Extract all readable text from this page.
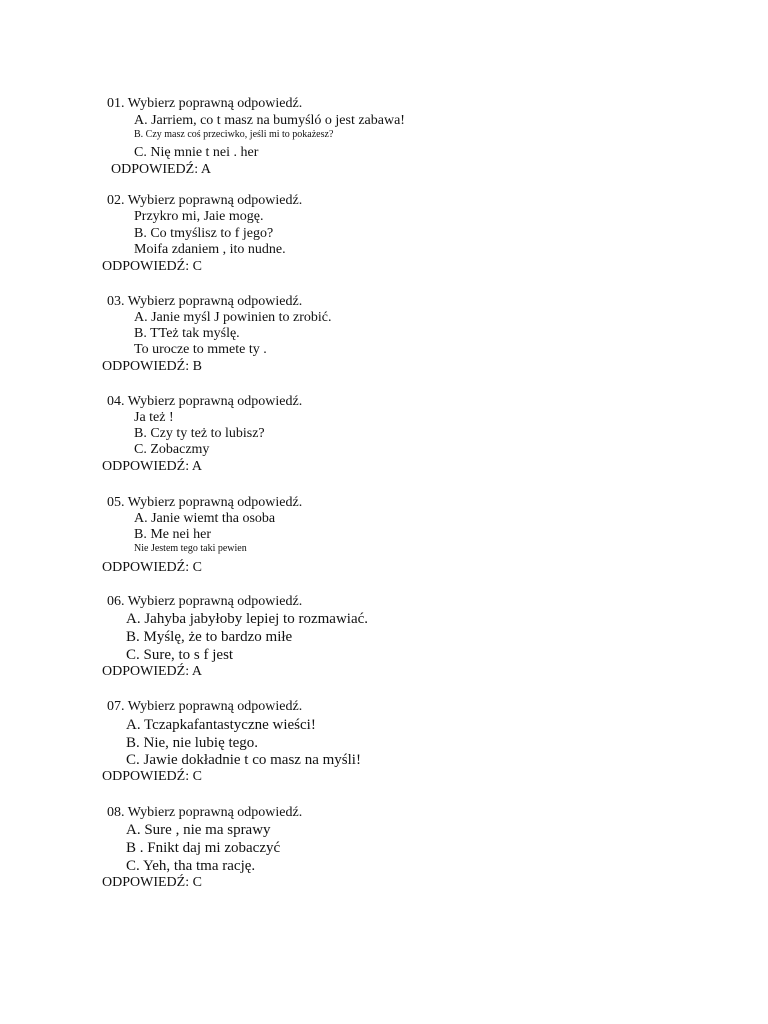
01. Wybierz poprawną odpowiedź.
A. Jarriem, co t masz na bumyśló o jest zabawa!
B. Czy masz coś przeciwko, jeśli mi to pokażesz?
C. Nię mnie t nei . her
ODPOWIEDŹ: A
02. Wybierz poprawną odpowiedź.
Przykro mi, Jaie mogę.
B. Co tmyślisz to f jego?
Moifa zdaniem , ito nudne.
ODPOWIEDŹ: C
03. Wybierz poprawną odpowiedź.
A. Janie myśl J powinien to zrobić.
B. TTeż tak myślę.
To urocze to mmete ty .
ODPOWIEDŹ: B
04. Wybierz poprawną odpowiedź.
Ja też !
B. Czy ty też to lubisz?
C. Zobaczmy
ODPOWIEDŹ: A
05. Wybierz poprawną odpowiedź.
A. Janie wiemt tha osoba
B. Me nei her
Nie Jestem tego taki pewien
ODPOWIEDŹ: C
06. Wybierz poprawną odpowiedź.
A. Jahyba jabyłoby lepiej to rozmawiać.
B. Myślę, że to bardzo miłe
C. Sure, to s f jest
ODPOWIEDŹ: A
07. Wybierz poprawną odpowiedź.
A. Tczapkafantastyczne wieści!
B. Nie, nie lubię tego.
C. Jawie dokładnie t co masz na myśli!
ODPOWIEDŹ: C
08. Wybierz poprawną odpowiedź.
A. Sure , nie ma sprawy
B . Fnikt daj mi zobaczyć
C. Yeh, tha tma rację.
ODPOWIEDŹ: C
